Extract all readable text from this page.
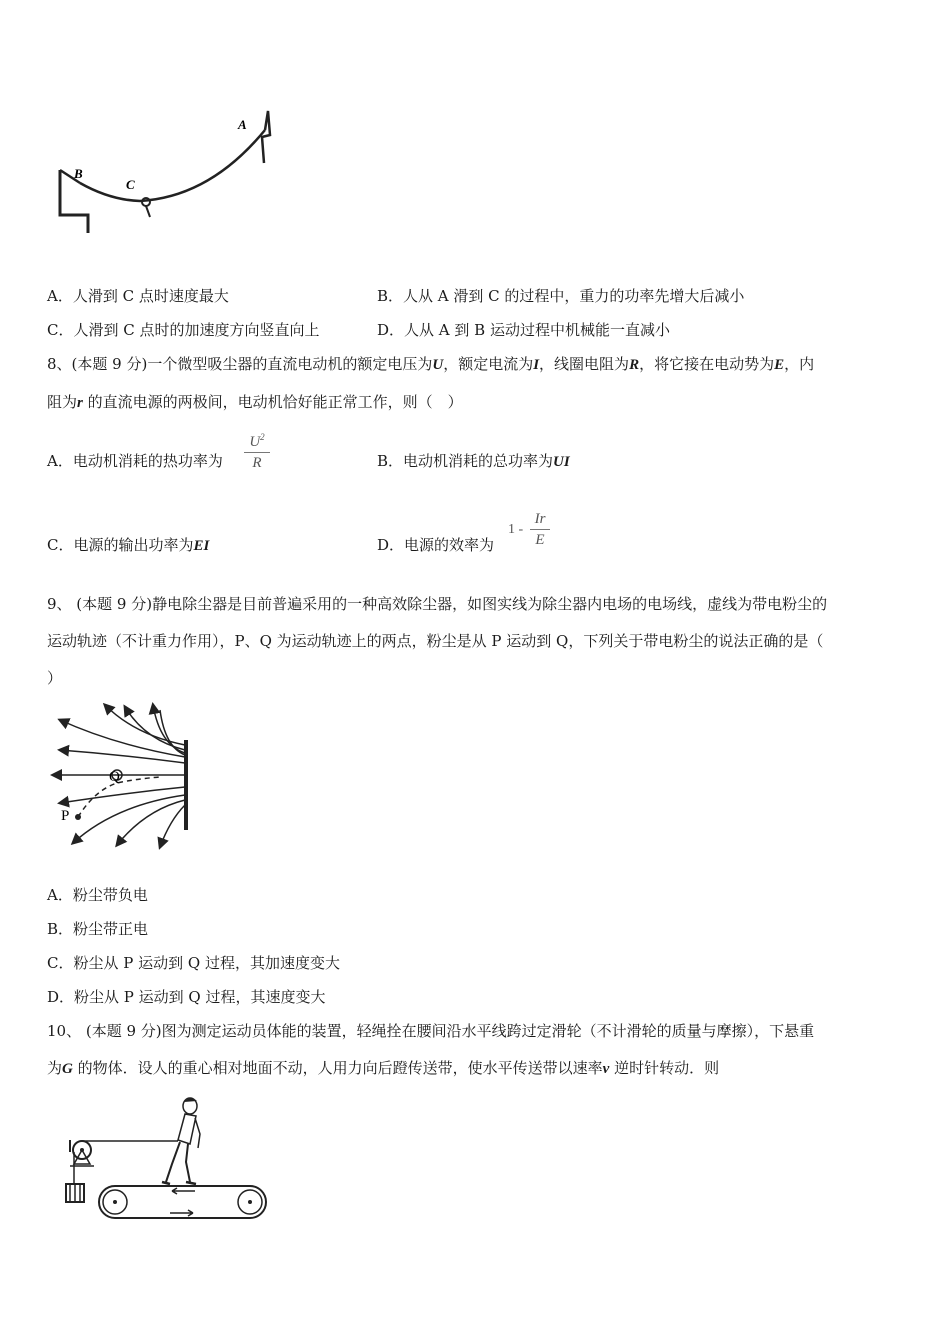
B
C
A
A．人滑到 C 点时速度最大	B．人从 A 滑到 C 的过程中，重力的功率先增大后减小
C．人滑到 C 点时的加速度方向竖直向上	D．人从 A 到 B 运动过程中机械能一直减小
8、(本题 9 分)一个微型吸尘器的直流电动机的额定电压为U，额定电流为I，线圈电阻为R，将它接在电动势为E，内
阻为r 的直流电源的两极间，电动机恰好能正常工作，则（　）
A．电动机消耗的热功率为
$U^2$
R	B．电动机消耗的总功率为UI
C．电源的输出功率为EI	D．电源的效率为
1 -
Ir
E
9、 (本题 9 分)静电除尘器是目前普遍采用的一种高效除尘器，如图实线为除尘器内电场的电场线，虚线为带电粉尘的
运动轨迹（不计重力作用），P、Q 为运动轨迹上的两点，粉尘是从 P 运动到 Q，下列关于带电粉尘的说法正确的是（
）
P
Q
A．粉尘带负电
B．粉尘带正电
C．粉尘从 P 运动到 Q 过程，其加速度变大
D．粉尘从 P 运动到 Q 过程，其速度变大
10、 (本题 9 分)图为测定运动员体能的装置，轻绳拴在腰间沿水平线跨过定滑轮（不计滑轮的质量与摩擦），下悬重
为G 的物体．设人的重心相对地面不动，人用力向后蹬传送带，使水平传送带以速率v 逆时针转动．则
